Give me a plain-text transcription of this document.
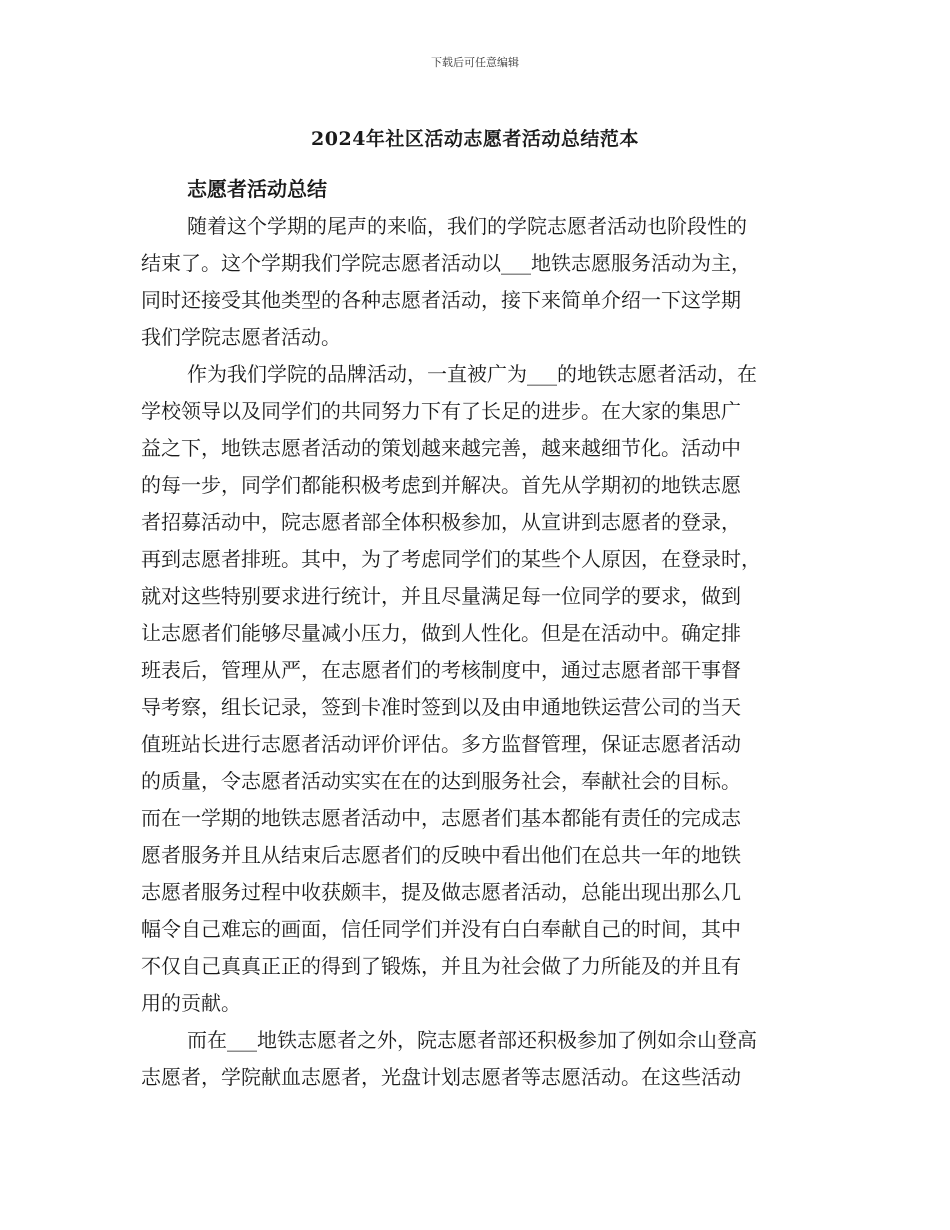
下载后可任意编辑
2024年社区活动志愿者活动总结范本
志愿者活动总结
随着这个学期的尾声的来临，我们的学院志愿者活动也阶段性的
结束了。这个学期我们学院志愿者活动以___地铁志愿服务活动为主，
同时还接受其他类型的各种志愿者活动，接下来简单介绍一下这学期
我们学院志愿者活动。
作为我们学院的品牌活动，一直被广为___的地铁志愿者活动，在
学校领导以及同学们的共同努力下有了长足的进步。在大家的集思广
益之下，地铁志愿者活动的策划越来越完善，越来越细节化。活动中
的每一步，同学们都能积极考虑到并解决。首先从学期初的地铁志愿
者招募活动中，院志愿者部全体积极参加，从宣讲到志愿者的登录，
再到志愿者排班。其中，为了考虑同学们的某些个人原因，在登录时，
就对这些特别要求进行统计，并且尽量满足每一位同学的要求，做到
让志愿者们能够尽量减小压力，做到人性化。但是在活动中。确定排
班表后，管理从严，在志愿者们的考核制度中，通过志愿者部干事督
导考察，组长记录，签到卡准时签到以及由申通地铁运营公司的当天
值班站长进行志愿者活动评价评估。多方监督管理，保证志愿者活动
的质量，令志愿者活动实实在在的达到服务社会，奉献社会的目标。
而在一学期的地铁志愿者活动中，志愿者们基本都能有责任的完成志
愿者服务并且从结束后志愿者们的反映中看出他们在总共一年的地铁
志愿者服务过程中收获颇丰，提及做志愿者活动，总能出现出那么几
幅令自己难忘的画面，信任同学们并没有白白奉献自己的时间，其中
不仅自己真真正正的得到了锻炼，并且为社会做了力所能及的并且有
用的贡献。
而在___地铁志愿者之外，院志愿者部还积极参加了例如佘山登高
志愿者，学院献血志愿者，光盘计划志愿者等志愿活动。在这些活动
